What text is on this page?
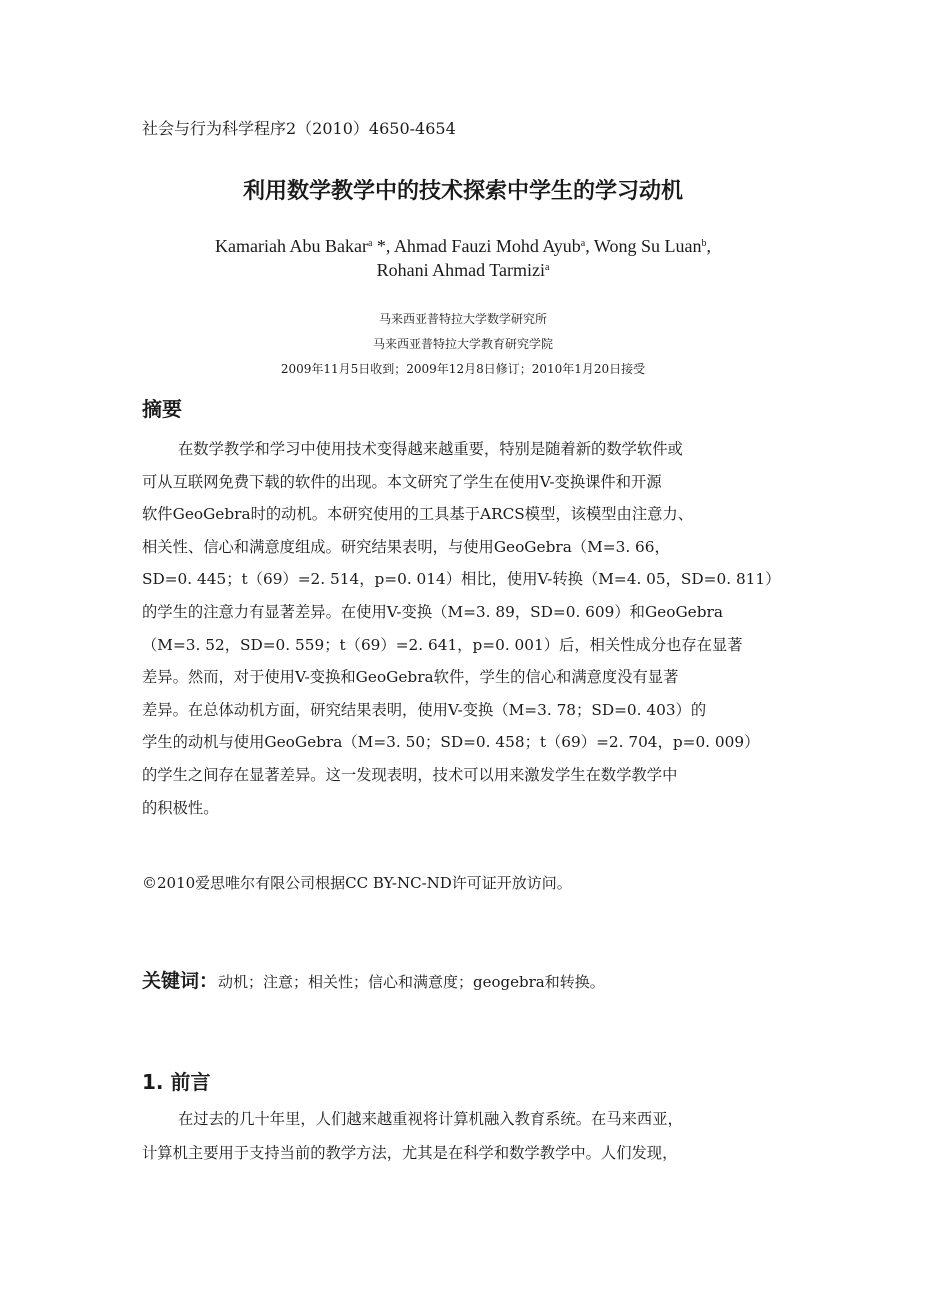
社会与行为科学程序2（2010）4650-4654
利用数学教学中的技术探索中学生的学习动机
Kamariah Abu Bakar$^a$ *, Ahmad Fauzi Mohd Ayub$^a$, Wong Su Luan$^b$,
Rohani Ahmad Tarmizi$^a$
马来西亚普特拉大学数学研究所
马来西亚普特拉大学教育研究学院
2009年11月5日收到；2009年12月8日修订；2010年1月20日接受
摘要
在数学教学和学习中使用技术变得越来越重要，特别是随着新的数学软件或
可从互联网免费下载的软件的出现。本文研究了学生在使用V-变换课件和开源
软件GeoGebra时的动机。本研究使用的工具基于ARCS模型，该模型由注意力、
相关性、信心和满意度组成。研究结果表明，与使用GeoGebra（M=3. 66，
SD=0. 445；t（69）=2. 514，p=0. 014）相比，使用V-转换（M=4. 05，SD=0. 811）
的学生的注意力有显著差异。在使用V-变换（M=3. 89，SD=0. 609）和GeoGebra
（M=3. 52，SD=0. 559；t（69）=2. 641，p=0. 001）后，相关性成分也存在显著
差异。然而，对于使用V-变换和GeoGebra软件，学生的信心和满意度没有显著
差异。在总体动机方面，研究结果表明，使用V-变换（M=3. 78；SD=0. 403）的
学生的动机与使用GeoGebra（M=3. 50；SD=0. 458；t（69）=2. 704，p=0. 009）
的学生之间存在显著差异。这一发现表明，技术可以用来激发学生在数学教学中
的积极性。
©2010爱思唯尔有限公司根据CC BY-NC-ND许可证开放访问。
关键词：动机；注意；相关性；信心和满意度；geogebra和转换。
1. 前言
在过去的几十年里，人们越来越重视将计算机融入教育系统。在马来西亚，
计算机主要用于支持当前的教学方法，尤其是在科学和数学教学中。人们发现，
